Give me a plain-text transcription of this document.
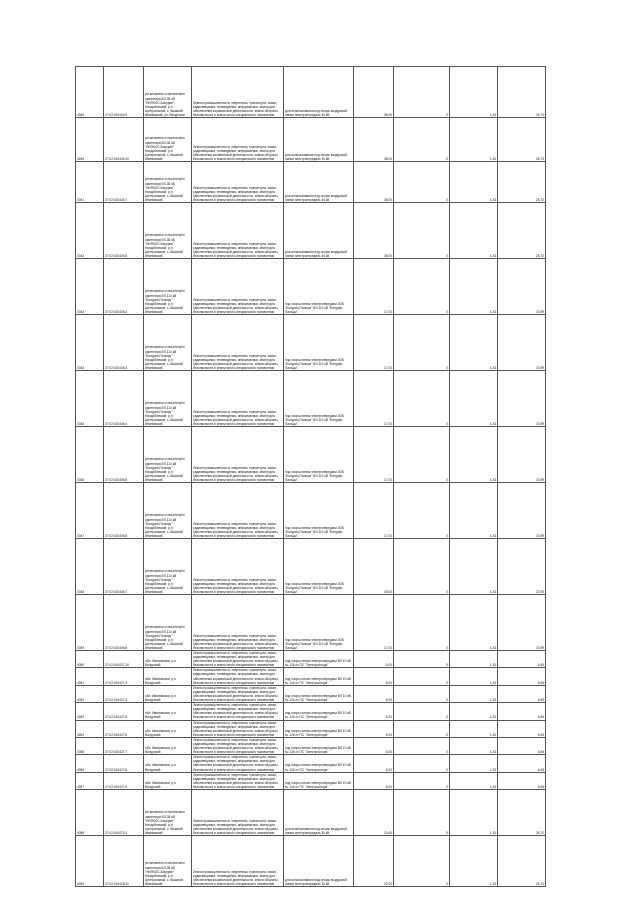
4040	27:02:010404:9	установлено относительно ориентира ВЛ-35 кВ "НИПКОС-Бачурин" Нахдобинский; р-н Центральный, с. Вышний Ивановский, ул. Вачурская	Земли промышленности, энергетики, транспорта, связи, радиовещания, телевидения, информатики, земли для обеспечения космической деятельности, земли обороны, безопасности и земли иного специального назначения	для использования под опоры воздушной линии электропередачи 35 кВ	38,00	0	1,33	26,70
4040	27:02:010404:10	установлено относительно ориентира ВЛ-35 кВ "НИПКОС-Бачурин" Нахдобинский; р-н Центральный, с. Вышний Ивановский	Земли промышленности, энергетики, транспорта, связи, радиовещания, телевидения, информатики, земли для обеспечения космической деятельности, земли обороны, безопасности и земли иного специального назначения	для использования под опоры воздушной линии электропередачи 35 кВ	38,00	0	1,33	26,70
4041	27:02:010404:7	установлено относительно ориентира ВЛ-35 кВ "НИПКОС-Бачурин" Нахдобинский; р-н Центральный, с. Вышний Ивановский	Земли промышленности, энергетики, транспорта, связи, радиовещания, телевидения, информатики, земли для обеспечения космической деятельности, земли обороны, безопасности и земли иного специального назначения	для использования под опоры воздушной линии электропередачи 35 кВ	38,00	0	1,33	26,72
4042	27:02:010404:8	установлено относительно ориентира ВЛ-35 кВ "НИПКОС-Бачурин" Нахдобинский; р-н Центральный, с. Вышний Ивановский	Земли промышленности, энергетики, транспорта, связи, радиовещания, телевидения, информатики, земли для обеспечения космической деятельности, земли обороны, безопасности и земли иного специального назначения	для использования под опоры воздушной линии электропередачи 35 кВ	38,00	0	1,33	26,72
4043	27:02:010405:2	установлено относительно ориентира ВЛ-110 кВ "Бачурин-Пальцы" Нахдобинский; р-н Центральный, с. Вышний Ивановский	Земли промышленности, энергетики, транспорта, связи, радиовещания, телевидения, информатики, земли для обеспечения космической деятельности, земли обороны, безопасности и земли иного специального назначения	под опоры линии электропередачи ЗОК "Бачурин-Пальцы" ВЛ-110 кВ "Бачурин-Пальцы"	17,00	0	1,33	20,89
4044	27:02:010406:3	установлено относительно ориентира ВЛ-110 кВ "Бачурин-Пальцы" Нахдобинский; р-н Центральный, с. Вышний Ивановский	Земли промышленности, энергетики, транспорта, связи, радиовещания, телевидения, информатики, земли для обеспечения космической деятельности, земли обороны, безопасности и земли иного специального назначения	под опоры линии электропередачи ЗОК "Бачурин-Пальцы" ВЛ-110 кВ "Бачурин-Пальцы"	17,00	0	1,33	20,89
4045	27:02:010406:4	установлено относительно ориентира ВЛ-110 кВ "Бачурин-Пальцы" Нахдобинский; р-н Центральный, с. Вышний Ивановский	Земли промышленности, энергетики, транспорта, связи, радиовещания, телевидения, информатики, земли для обеспечения космической деятельности, земли обороны, безопасности и земли иного специального назначения	под опоры линии электропередачи ЗОК "Бачурин-Пальцы" ВЛ-110 кВ "Бачурин-Пальцы"	17,00	0	1,33	20,89
4046	27:02:010406:5	установлено относительно ориентира ВЛ-110 кВ "Бачурин-Пальцы" Нахдобинский; р-н Центральный, с. Вышний Ивановский	Земли промышленности, энергетики, транспорта, связи, радиовещания, телевидения, информатики, земли для обеспечения космической деятельности, земли обороны, безопасности и земли иного специального назначения	под опоры линии электропередачи ЗОК "Бачурин-Пальцы" ВЛ-110 кВ "Бачурин-Пальцы"	17,00	0	1,33	20,89
4047	27:02:010406:6	установлено относительно ориентира ВЛ-110 кВ "Бачурин-Пальцы" Нахдобинский; р-н Центральный, с. Вышний Ивановский	Земли промышленности, энергетики, транспорта, связи, радиовещания, телевидения, информатики, земли для обеспечения космической деятельности, земли обороны, безопасности и земли иного специального назначения	под опоры линии электропередачи ЗОК "Бачурин-Пальцы" ВЛ-110 кВ "Бачурин-Пальцы"	17,00	0	1,33	20,89
4048	27:02:010406:7	установлено относительно ориентира ВЛ-110 кВ "Бачурин-Пальцы" Нахдобинский; р-н Центральный, с. Вышний Ивановский	Земли промышленности, энергетики, транспорта, связи, радиовещания, телевидения, информатики, земли для обеспечения космической деятельности, земли обороны, безопасности и земли иного специального назначения	под опоры линии электропередачи ЗОК "Бачурин-Пальцы" ВЛ-110 кВ "Бачурин-Пальцы"	18,00	0	1,33	22,05
4049	27:02:010406:8	установлено относительно ориентира ВЛ-110 кВ "Бачурин-Пальцы" Нахдобинский; р-н Центральный, с. Вышний Ивановский	Земли промышленности, энергетики, транспорта, связи, радиовещания, телевидения, информатики, земли для обеспечения космической деятельности, земли обороны, безопасности и земли иного специального назначения	под опоры линии электропередачи ЗОК "Бачурин-Пальцы" ВЛ-110 кВ "Бачурин-Пальцы"	17,00	0	1,33	20,89
4050	27:02:010427:10	обл. Ивановская, р-н Вачурский	Земли промышленности, энергетики, транспорта, связи, радиовещания, телевидения, информатики, земли для обеспечения космической деятельности, земли обороны, безопасности и земли иного специального назначения	под опоры линии электропередачи ВЛ 10 кВ № 126 от ПС "Электроопора"	5,00	0	1,33	6,65
4051	27:02:010427:3	обл. Ивановская, р-н Вачурский	Земли промышленности, энергетики, транспорта, связи, радиовещания, телевидения, информатики, земли для обеспечения космической деятельности, земли обороны, безопасности и земли иного специального назначения	под опоры линии электропередачи ВЛ 10 кВ № 126 от ПС "Электроопора"	5,00	0	1,33	6,65
4052	27:02:010427:4	обл. Ивановская, р-н Вачурский	Земли промышленности, энергетики, транспорта, связи, радиовещания, телевидения, информатики, земли для обеспечения космической деятельности, земли обороны, безопасности и земли иного специального назначения	под опоры линии электропередачи ВЛ 10 кВ № 126 от ПС "Электроопора"	5,00	0	1,33	6,65
4053	27:02:010427:5	обл. Ивановская, р-н Вачурский	Земли промышленности, энергетики, транспорта, связи, радиовещания, телевидения, информатики, земли для обеспечения космической деятельности, земли обороны, безопасности и земли иного специального назначения	под опоры линии электропередачи ВЛ 10 кВ № 126 от ПС "Электроопора"	5,00	0	1,33	6,65
4054	27:02:010427:6	обл. Ивановская, р-н Вачурский	Земли промышленности, энергетики, транспорта, связи, радиовещания, телевидения, информатики, земли для обеспечения космической деятельности, земли обороны, безопасности и земли иного специального назначения	под опоры линии электропередачи ВЛ 10 кВ № 126 от ПС "Электроопора"	5,00	0	1,33	6,65
4055	27:02:010427:7	обл. Ивановская, р-н Вачурский	Земли промышленности, энергетики, транспорта, связи, радиовещания, телевидения, информатики, земли для обеспечения космической деятельности, земли обороны, безопасности и земли иного специального назначения	под опоры линии электропередачи ВЛ 10 кВ № 126 от ПС "Электроопора"	5,00	0	1,33	6,65
4056	27:02:010427:8	обл. Ивановская, р-н Вачурский	Земли промышленности, энергетики, транспорта, связи, радиовещания, телевидения, информатики, земли для обеспечения космической деятельности, земли обороны, безопасности и земли иного специального назначения	под опоры линии электропередачи ВЛ 10 кВ № 126 от ПС "Электроопора"	5,00	0	1,33	6,65
4057	27:02:010427:9	обл. Ивановская, р-н Вачурский	Земли промышленности, энергетики, транспорта, связи, радиовещания, телевидения, информатики, земли для обеспечения космической деятельности, земли обороны, безопасности и земли иного специального назначения	под опоры линии электропередачи ВЛ 10 кВ № 126 от ПС "Электроопора"	5,00	0	1,33	6,65
4058	27:02:010470:1	установлено относительно ориентира ВЛ-35 кВ "НИПКОС-Бачурин" Нахдобинский; р-н Центральный, с. Вышний Ивановский	Земли промышленности, энергетики, транспорта, связи, радиовещания, телевидения, информатики, земли для обеспечения космической деятельности, земли обороны, безопасности и земли иного специального назначения	для использования под опоры воздушной линии электропередачи 35 кВ	20,00	0	1,33	26,70
4059	27:02:010418:10	установлено относительно ориентира ВЛ-35 кВ "НИПКОС-Бачурин" Нахдобинский; р-н Центральный, с. Вышний Ивановский	Земли промышленности, энергетики, транспорта, связи, радиовещания, телевидения, информатики, земли для обеспечения космической деятельности, земли обороны, безопасности и земли иного специального назначения	для использования под опоры воздушной линии электропередачи 35 кВ	20,00	0	1,33	26,70
